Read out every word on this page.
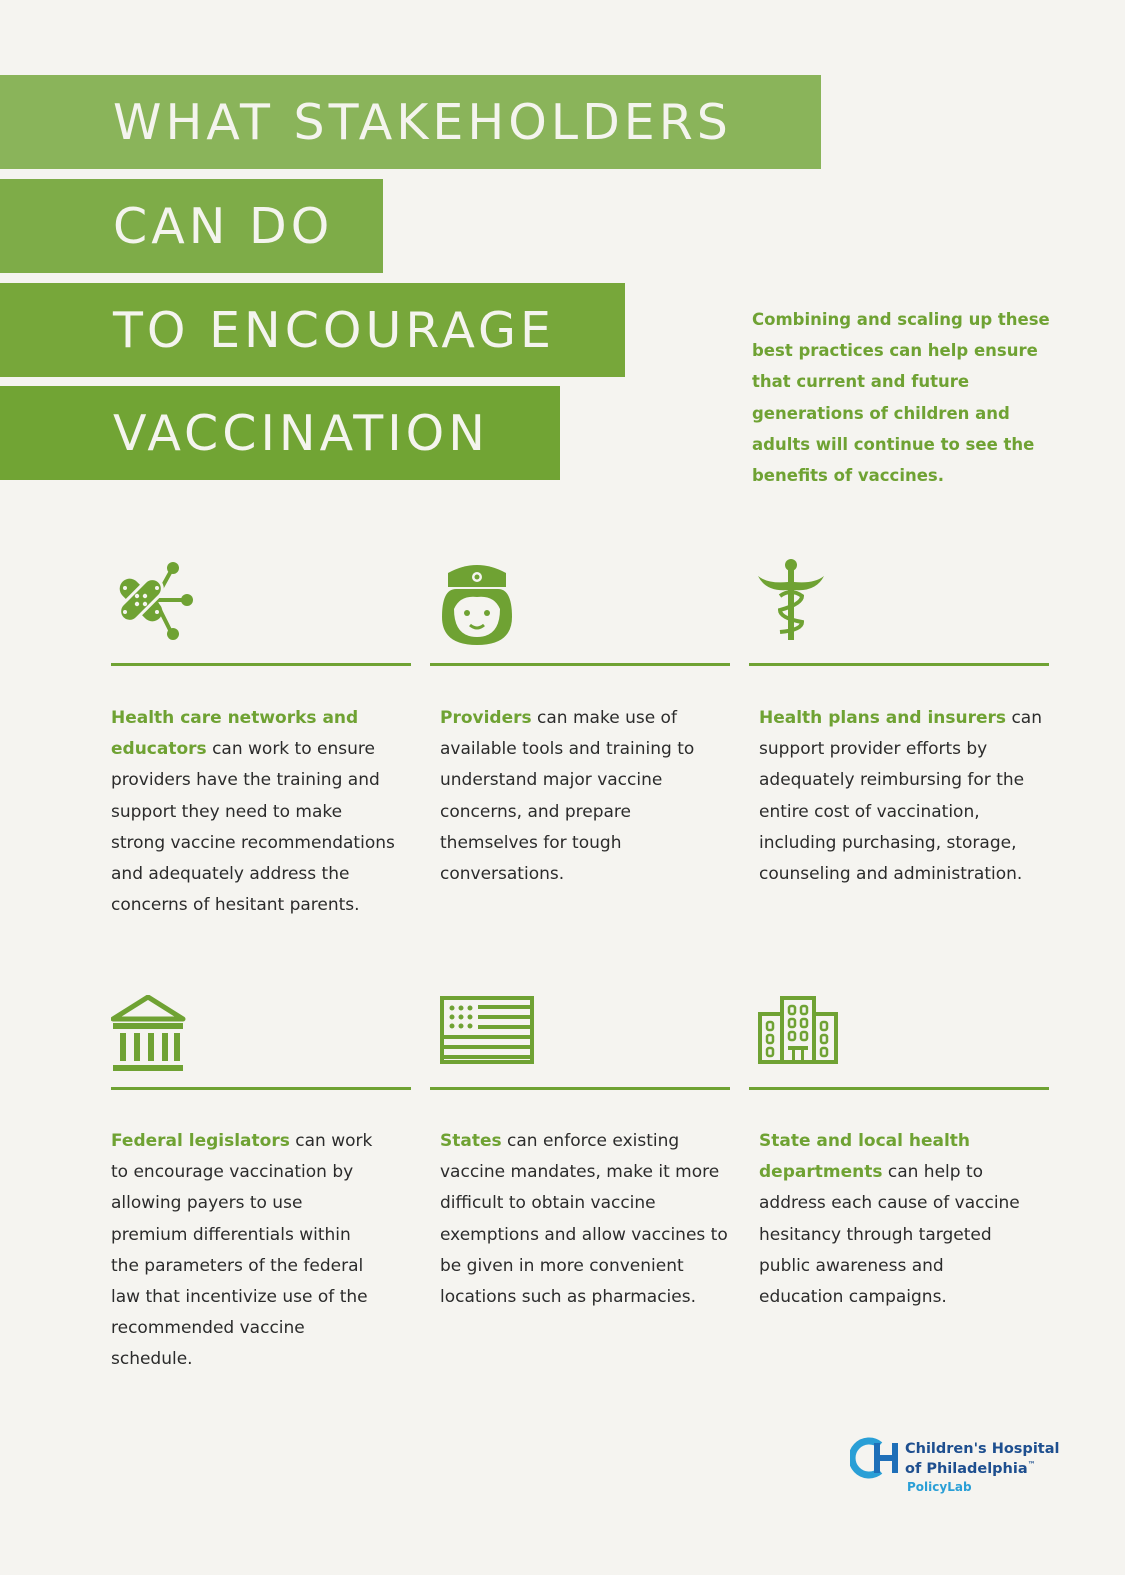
WHAT STAKEHOLDERS
CAN DO
TO ENCOURAGE
VACCINATION
Combining and scaling up these best practices can help ensure that current and future generations of children and adults will continue to see the benefits of vaccines.
Health care networks and educators can work to ensure providers have the training and support they need to make strong vaccine recommendations and adequately address the concerns of hesitant parents.
Providers can make use of available tools and training to understand major vaccine concerns, and prepare themselves for tough conversations.
Health plans and insurers can support provider efforts by adequately reimbursing for the entire cost of vaccination, including purchasing, storage, counseling and administration.
Federal legislators can work to encourage vaccination by allowing payers to use premium differentials within the parameters of the federal law that incentivize use of the recommended vaccine schedule.
States can enforce existing vaccine mandates, make it more difficult to obtain vaccine exemptions and allow vaccines to be given in more convenient locations such as pharmacies.
State and local health departments can help to address each cause of vaccine hesitancy through targeted public awareness and education campaigns.
Children's Hospital
of Philadelphia™
PolicyLab
